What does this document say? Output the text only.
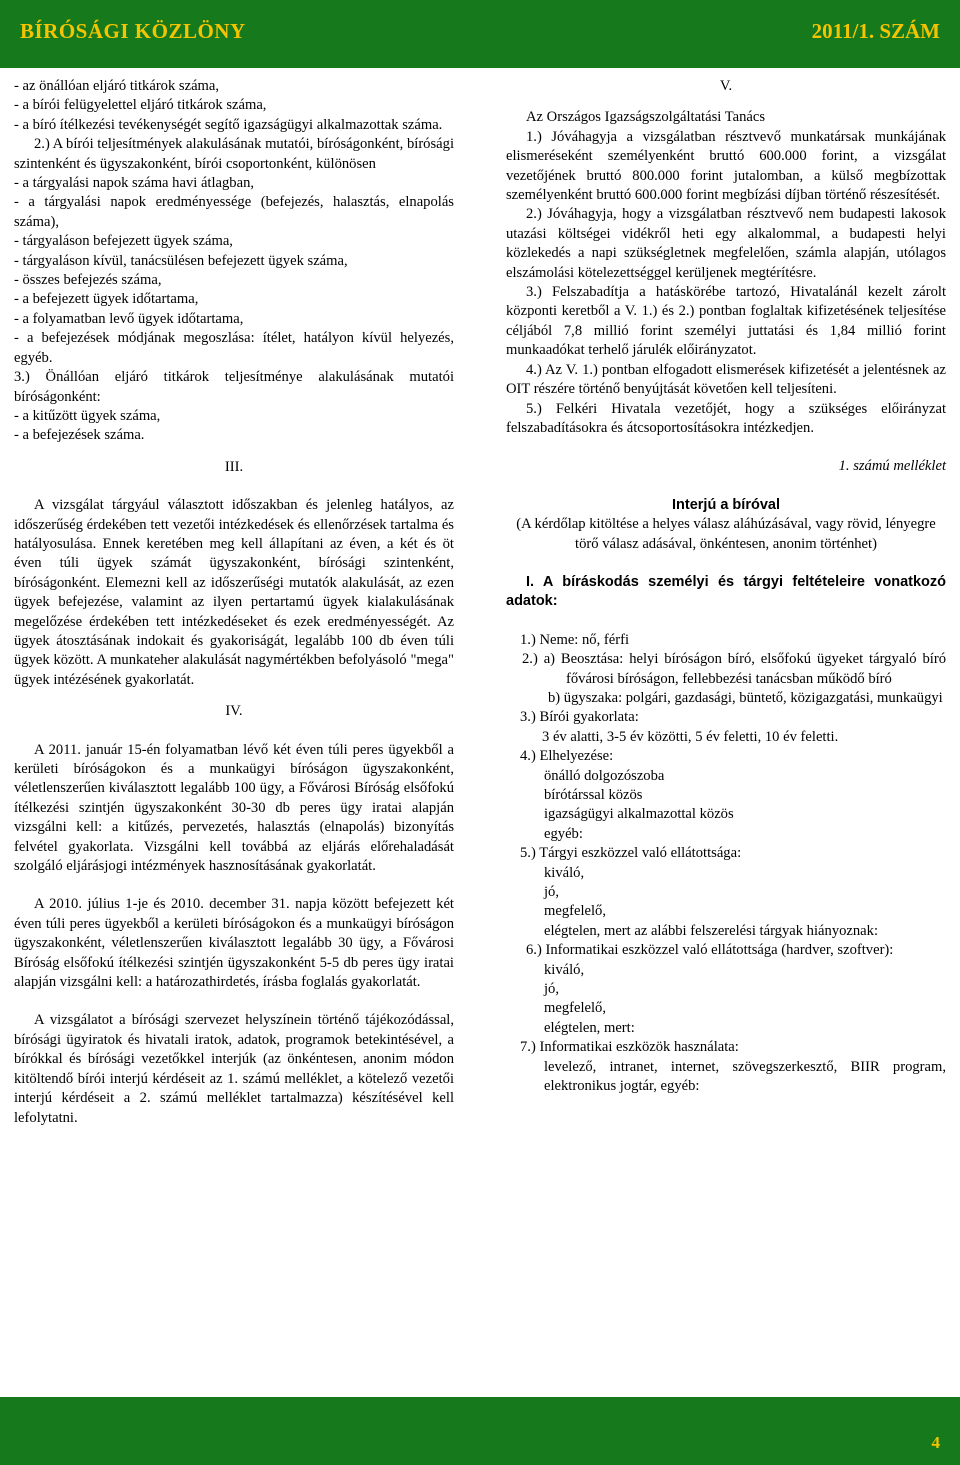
BÍRÓSÁGI KÖZLÖNY	2011/1. SZÁM

- az önállóan eljáró titkárok száma,

- a bírói felügyelettel eljáró titkárok száma,

- a bíró ítélkezési tevékenységét segítő igazságügyi alkalmazottak száma.

2.) A bírói teljesítmények alakulásának mutatói, bíróságonként, bírósági szintenként és ügyszakonként, bírói csoportonként, különösen

- a tárgyalási napok száma havi átlagban,

- a tárgyalási napok eredményessége (befejezés, halasztás, elnapolás száma),

- tárgyaláson befejezett ügyek száma,

- tárgyaláson kívül, tanácsülésen befejezett ügyek száma,

- összes befejezés száma,

- a befejezett ügyek időtartama,

- a folyamatban levő ügyek időtartama,

- a befejezések módjának megoszlása: ítélet, hatályon kívül helyezés, egyéb.

3.) Önállóan eljáró titkárok teljesítménye alakulásának mutatói bíróságonként:

- a kitűzött ügyek száma,

- a befejezések száma.

III.

A vizsgálat tárgyául választott időszakban és jelenleg hatályos, az időszerűség érdekében tett vezetői intézkedések és ellenőrzések tartalma és hatályosulása. Ennek keretében meg kell állapítani az éven, a két és öt éven túli ügyek számát ügyszakonként, bírósági szintenként, bíróságonként. Elemezni kell az időszerűségi mutatók alakulását, az ezen ügyek befejezése, valamint az ilyen pertartamú ügyek kialakulásának megelőzése érdekében tett intézkedéseket és ezek eredményességét. Az ügyek átosztásának indokait és gyakoriságát, legalább 100 db éven túli ügyek között. A munkateher alakulását nagymértékben befolyásoló "mega" ügyek intézésének gyakorlatát.

IV.

A 2011. január 15-én folyamatban lévő két éven túli peres ügyekből a kerületi bíróságokon és a munkaügyi bíróságon ügyszakonként, véletlenszerűen kiválasztott legalább 100 ügy, a Fővárosi Bíróság elsőfokú ítélkezési szintjén ügyszakonként 30-30 db peres ügy iratai alapján vizsgálni kell: a kitűzés, pervezetés, halasztás (elnapolás) bizonyítás felvétel gyakorlata. Vizsgálni kell továbbá az eljárás előrehaladását szolgáló eljárásjogi intézmények hasznosításának gyakorlatát.

A 2010. július 1-je és 2010. december 31. napja között befejezett két éven túli peres ügyekből a kerületi bíróságokon és a munkaügyi bíróságon ügyszakonként, véletlenszerűen kiválasztott legalább 30 ügy, a Fővárosi Bíróság elsőfokú ítélkezési szintjén ügyszakonként 5-5 db peres ügy iratai alapján vizsgálni kell: a határozathirdetés, írásba foglalás gyakorlatát.

A vizsgálatot a bírósági szervezet helyszínein történő tájékozódással, bírósági ügyiratok és hivatali iratok, adatok, programok betekintésével, a bírókkal és bírósági vezetőkkel interjúk (az önkéntesen, anonim módon kitöltendő bírói interjú kérdéseit az 1. számú melléklet, a kötelező vezetői interjú kérdéseit a 2. számú melléklet tartalmazza) készítésével kell lefolytatni.

V.

Az Országos Igazságszolgáltatási Tanács

1.) Jóváhagyja a vizsgálatban résztvevő munkatársak munkájának elismeréseként személyenként bruttó 600.000 forint, a vizsgálat vezetőjének bruttó 800.000 forint jutalomban, a külső megbízottak személyenként bruttó 600.000 forint megbízási díjban történő részesítését.

2.) Jóváhagyja, hogy a vizsgálatban résztvevő nem budapesti lakosok utazási költségei vidékről heti egy alkalommal, a budapesti helyi közlekedés a napi szükségletnek megfelelően, számla alapján, utólagos elszámolási kötelezettséggel kerüljenek megtérítésre.

3.) Felszabadítja a hatáskörébe tartozó, Hivatalánál kezelt zárolt központi keretből a V. 1.) és 2.) pontban foglaltak kifizetésének teljesítése céljából 7,8 millió forint személyi juttatási és 1,84 millió forint munkaadókat terhelő járulék előirányzatot.

4.) Az V. 1.) pontban elfogadott elismerések kifizetését a jelentésnek az OIT részére történő benyújtását követően kell teljesíteni.

5.) Felkéri Hivatala vezetőjét, hogy a szükséges előirányzat felszabadításokra és átcsoportosításokra intézkedjen.

1. számú melléklet

Interjú a bíróval

(A kérdőlap kitöltése a helyes válasz aláhúzásával, vagy rövid, lényegre törő válasz adásával, önkéntesen, anonim történhet)

I. A bíráskodás személyi és tárgyi feltételeire vonatkozó adatok:

1.) Neme: nő, férfi

2.) a) Beosztása: helyi bíróságon bíró, elsőfokú ügyeket tárgyaló bíró fővárosi bíróságon, fellebbezési tanácsban működő bíró

b) ügyszaka: polgári, gazdasági, büntető, közigazgatási, munkaügyi

3.) Bírói gyakorlata:

3 év alatti, 3-5 év közötti, 5 év feletti, 10 év feletti.

4.) Elhelyezése:

önálló dolgozószoba

bírótárssal közös

igazságügyi alkalmazottal közös

egyéb:

5.) Tárgyi eszközzel való ellátottsága:

kiváló,

jó,

megfelelő,

elégtelen, mert az alábbi felszerelési tárgyak hiányoznak:

6.) Informatikai eszközzel való ellátottsága (hardver, szoftver):

kiváló,

jó,

megfelelő,

elégtelen, mert:

7.) Informatikai eszközök használata:

levelező, intranet, internet, szövegszerkesztő, BIIR program, elektronikus jogtár, egyéb:

4
